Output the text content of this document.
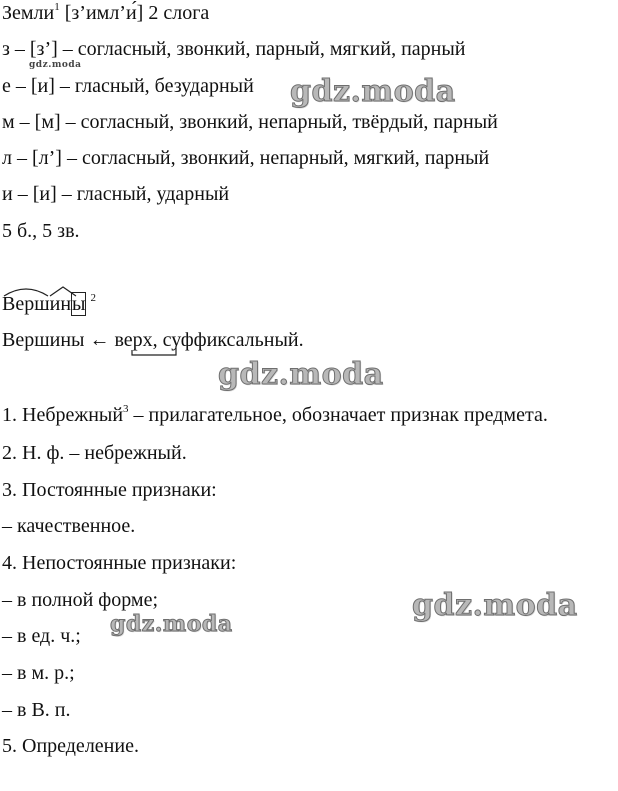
Земли$^1$ [з’имл’и́] 2 слога
з – [з’] – согласный, звонкий, парный, мягкий, парный
е – [и] – гласный, безударный
м – [м] – согласный, звонкий, непарный, твёрдый, парный
л – [л’] – согласный, звонкий, непарный, мягкий, парный
и – [и] – гласный, ударный
5 б., 5 зв.
Вершины $^2$
Вершины ← верх, суффиксальный.
1. Небрежный$^3$ – прилагательное, обозначает признак предмета.
2. Н. ф. – небрежный.
3. Постоянные признаки:
– качественное.
4. Непостоянные признаки:
– в полной форме;
– в ед. ч.;
– в м. р.;
– в В. п.
5. Определение.
gdz.moda
gdz.moda
gdz.moda
gdz.moda
gdz.moda
